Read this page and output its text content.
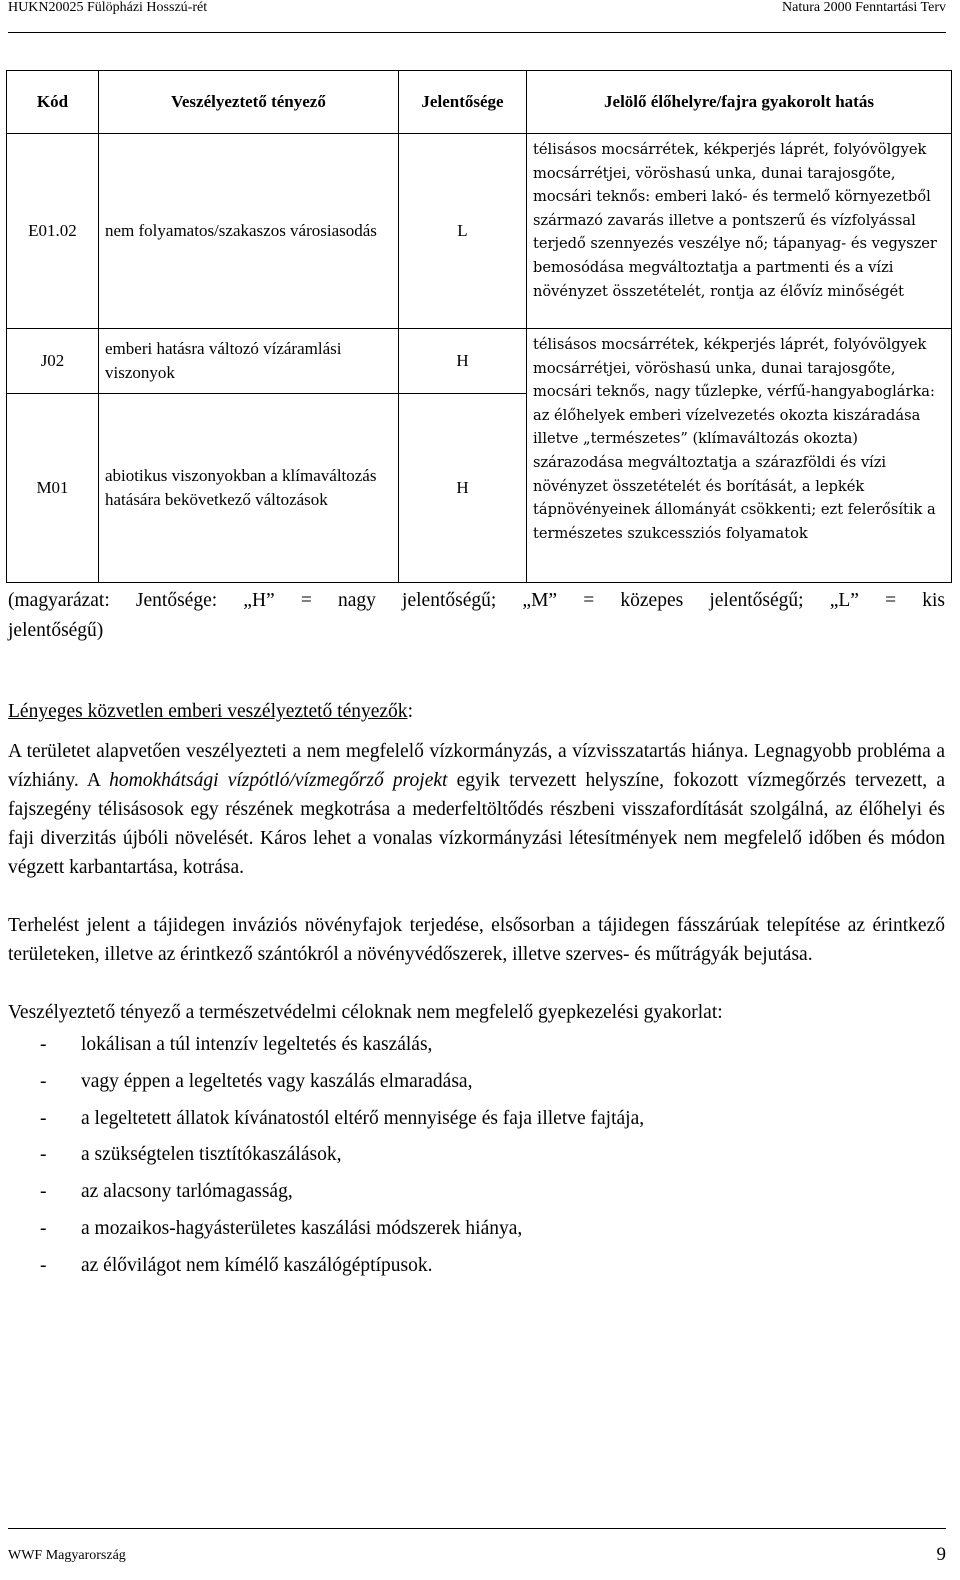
HUKN20025 Fülöpházi Hosszú-rét	Natura 2000 Fenntartási Terv
Kód	Veszélyeztető tényező	Jelentősége	Jelölő élőhelyre/fajra gyakorolt hatás
E01.02	nem folyamatos/szakaszos városiasodás	L	télisásos mocsárrétek, kékperjés láprét, folyóvölgyek mocsárrétjei, vöröshasú unka, dunai tarajosgőte, mocsári teknős: emberi lakó- és termelő környezetből származó zavarás illetve a pontszerű és vízfolyással terjedő szennyezés veszélye nő; tápanyag- és vegyszer bemosódása megváltoztatja a partmenti és a vízi növényzet összetételét, rontja az élővíz minőségét
J02	emberi hatásra változó vízáramlási viszonyok	H	télisásos mocsárrétek, kékperjés láprét, folyóvölgyek mocsárrétjei, vöröshasú unka, dunai tarajosgőte, mocsári teknős, nagy tűzlepke, vérfű-hangyaboglárka: az élőhelyek emberi vízelvezetés okozta kiszáradása illetve „természetes” (klímaváltozás okozta) szárazodása megváltoztatja a szárazföldi és vízi növényzet összetételét és borítását, a lepkék tápnövényeinek állományát csökkenti; ezt felerősítik a természetes szukcessziós folyamatok
M01	abiotikus viszonyokban a klímaváltozás hatására bekövetkező változások	H	
(magyarázat: Jentősége: „H” = nagy jelentőségű; „M” = közepes jelentőségű; „L” = kis
jelentőségű)

Lényeges közvetlen emberi veszélyeztető tényezők:

A területet alapvetően veszélyezteti a nem megfelelő vízkormányzás, a vízvisszatartás hiánya. Legnagyobb probléma a vízhiány. A homokhátsági vízpótló/vízmegőrző projekt egyik tervezett helyszíne, fokozott vízmegőrzés tervezett, a fajszegény télisásosok egy részének megkotrása a mederfeltöltődés részbeni visszafordítását szolgálná, az élőhelyi és faji diverzitás újbóli növelését. Káros lehet a vonalas vízkormányzási létesítmények nem megfelelő időben és módon végzett karbantartása, kotrása.

Terhelést jelent a tájidegen inváziós növényfajok terjedése, elsősorban a tájidegen fásszárúak telepítése az érintkező területeken, illetve az érintkező szántókról a növényvédőszerek, illetve szerves- és műtrágyák bejutása.

Veszélyeztető tényező a természetvédelmi céloknak nem megfelelő gyepkezelési gyakorlat:

- lokálisan a túl intenzív legeltetés és kaszálás,
- vagy éppen a legeltetés vagy kaszálás elmaradása,
- a legeltetett állatok kívánatostól eltérő mennyisége és faja illetve fajtája,
- a szükségtelen tisztítókaszálások,
- az alacsony tarlómagasság,
- a mozaikos-hagyásterületes kaszálási módszerek hiánya,
- az élővilágot nem kímélő kaszálógéptípusok.
WWF Magyarország	9
